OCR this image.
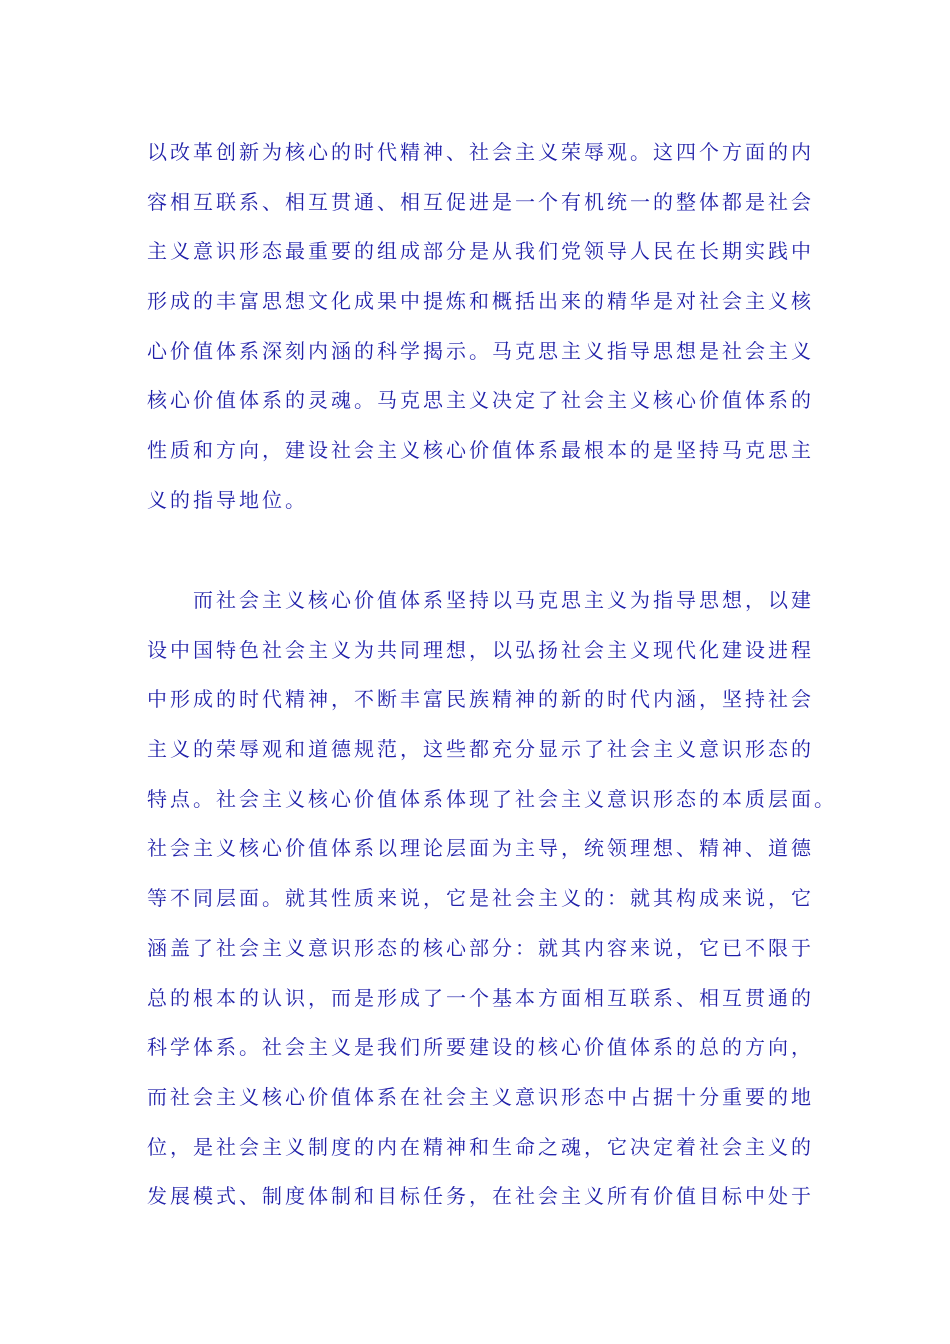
以改革创新为核心的时代精神、社会主义荣辱观。这四个方面的内
容相互联系、相互贯通、相互促进是一个有机统一的整体都是社会
主义意识形态最重要的组成部分是从我们党领导人民在长期实践中
形成的丰富思想文化成果中提炼和概括出来的精华是对社会主义核
心价值体系深刻内涵的科学揭示。马克思主义指导思想是社会主义
核心价值体系的灵魂。马克思主义决定了社会主义核心价值体系的
性质和方向，建设社会主义核心价值体系最根本的是坚持马克思主
义的指导地位。
　　而社会主义核心价值体系坚持以马克思主义为指导思想，以建
设中国特色社会主义为共同理想，以弘扬社会主义现代化建设进程
中形成的时代精神，不断丰富民族精神的新的时代内涵，坚持社会
主义的荣辱观和道德规范，这些都充分显示了社会主义意识形态的
特点。社会主义核心价值体系体现了社会主义意识形态的本质层面。
社会主义核心价值体系以理论层面为主导，统领理想、精神、道德
等不同层面。就其性质来说，它是社会主义的：就其构成来说，它
涵盖了社会主义意识形态的核心部分：就其内容来说，它已不限于
总的根本的认识，而是形成了一个基本方面相互联系、相互贯通的
科学体系。社会主义是我们所要建设的核心价值体系的总的方向，
而社会主义核心价值体系在社会主义意识形态中占据十分重要的地
位，是社会主义制度的内在精神和生命之魂，它决定着社会主义的
发展模式、制度体制和目标任务，在社会主义所有价值目标中处于
